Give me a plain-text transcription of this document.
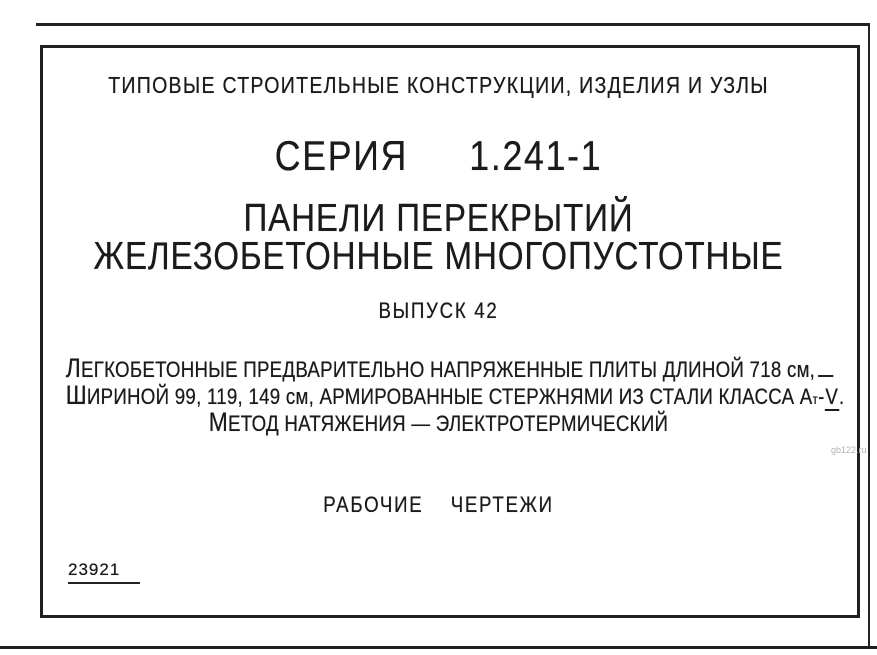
ТИПОВЫЕ СТРОИТЕЛЬНЫЕ КОНСТРУКЦИИ, ИЗДЕЛИЯ И УЗЛЫ
СЕРИЯ 1.241-1
ПАНЕЛИ ПЕРЕКРЫТИЙ
ЖЕЛЕЗОБЕТОННЫЕ МНОГОПУСТОТНЫЕ
ВЫПУСК 42
ЛЕГКОБЕТОННЫЕ ПРЕДВАРИТЕЛЬНО НАПРЯЖЕННЫЕ ПЛИТЫ ДЛИНОЙ 718 см,
ШИРИНОЙ 99, 119, 149 см, АРМИРОВАННЫЕ СТЕРЖНЯМИ ИЗ СТАЛИ КЛАССА Ат-V.
МЕТОД НАТЯЖЕНИЯ — ЭЛЕКТРОТЕРМИЧЕСКИЙ
РАБОЧИЕ ЧЕРТЕЖИ
23921
gb122.ru
